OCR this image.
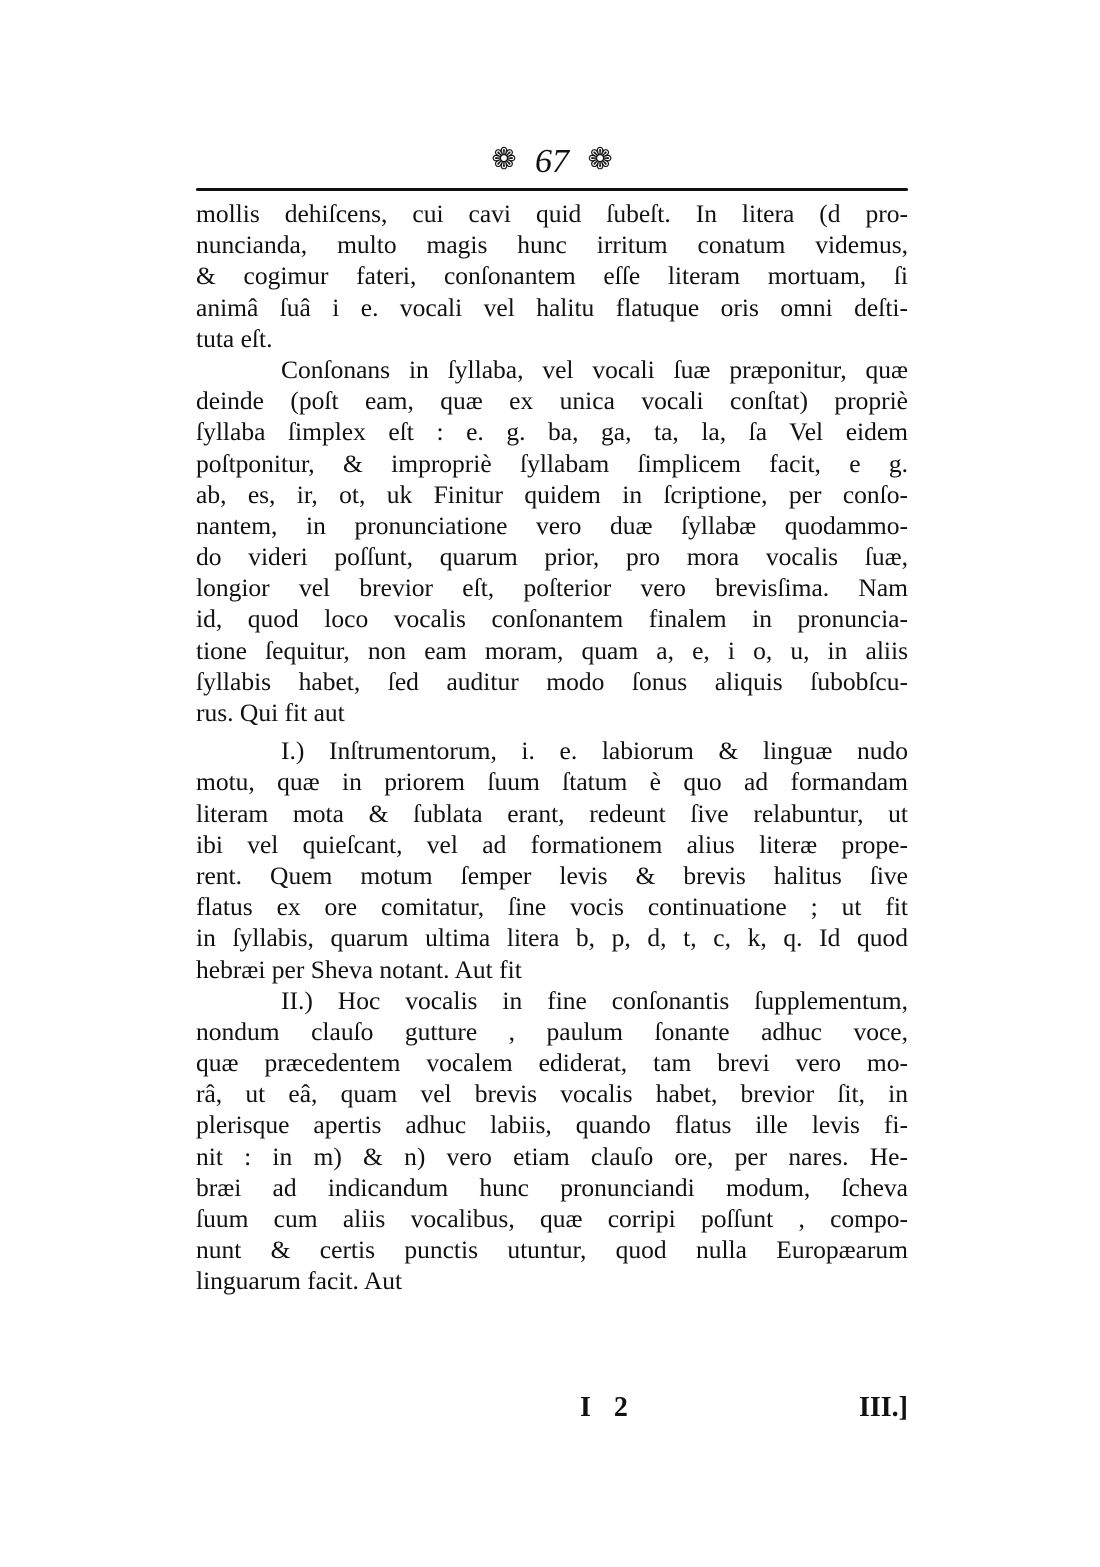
❁ 67 ❁
mollis dehiſcens, cui cavi quid ſubeſt. In litera (d pro-
nuncianda, multo magis hunc irritum conatum videmus,
& cogimur fateri, conſonantem eſſe literam mortuam, ſi
animâ ſuâ i e. vocali vel halitu flatuque oris omni deſti-
tuta eſt.
Conſonans in ſyllaba, vel vocali ſuæ præponitur, quæ
deinde (poſt eam, quæ ex unica vocali conſtat) propriè
ſyllaba ſimplex eſt : e. g. ba, ga, ta, la, ſa Vel eidem
poſtponitur, & impropriè ſyllabam ſimplicem facit, e g.
ab, es, ir, ot, uk Finitur quidem in ſcriptione, per conſo-
nantem, in pronunciatione vero duæ ſyllabæ quodammo-
do videri poſſunt, quarum prior, pro mora vocalis ſuæ,
longior vel brevior eſt, poſterior vero brevisſima. Nam
id, quod loco vocalis conſonantem finalem in pronuncia-
tione ſequitur, non eam moram, quam a, e, i o, u, in aliis
ſyllabis habet, ſed auditur modo ſonus aliquis ſubobſcu-
rus. Qui fit aut
I.) Inſtrumentorum, i. e. labiorum & linguæ nudo
motu, quæ in priorem ſuum ſtatum è quo ad formandam
literam mota & ſublata erant, redeunt ſive relabuntur, ut
ibi vel quieſcant, vel ad formationem alius literæ prope-
rent. Quem motum ſemper levis & brevis halitus ſive
flatus ex ore comitatur, ſine vocis continuatione ; ut fit
in ſyllabis, quarum ultima litera b, p, d, t, c, k, q. Id quod
hebræi per Sheva notant. Aut fit
II.) Hoc vocalis in fine conſonantis ſupplementum,
nondum clauſo gutture , paulum ſonante adhuc voce,
quæ præcedentem vocalem ediderat, tam brevi vero mo-
râ, ut eâ, quam vel brevis vocalis habet, brevior ſit, in
plerisque apertis adhuc labiis, quando flatus ille levis fi-
nit : in m) & n) vero etiam clauſo ore, per nares. He-
bræi ad indicandum hunc pronunciandi modum, ſcheva
ſuum cum aliis vocalibus, quæ corripi poſſunt , compo-
nunt & certis punctis utuntur, quod nulla Europæarum
linguarum facit. Aut
I 2	III.]
